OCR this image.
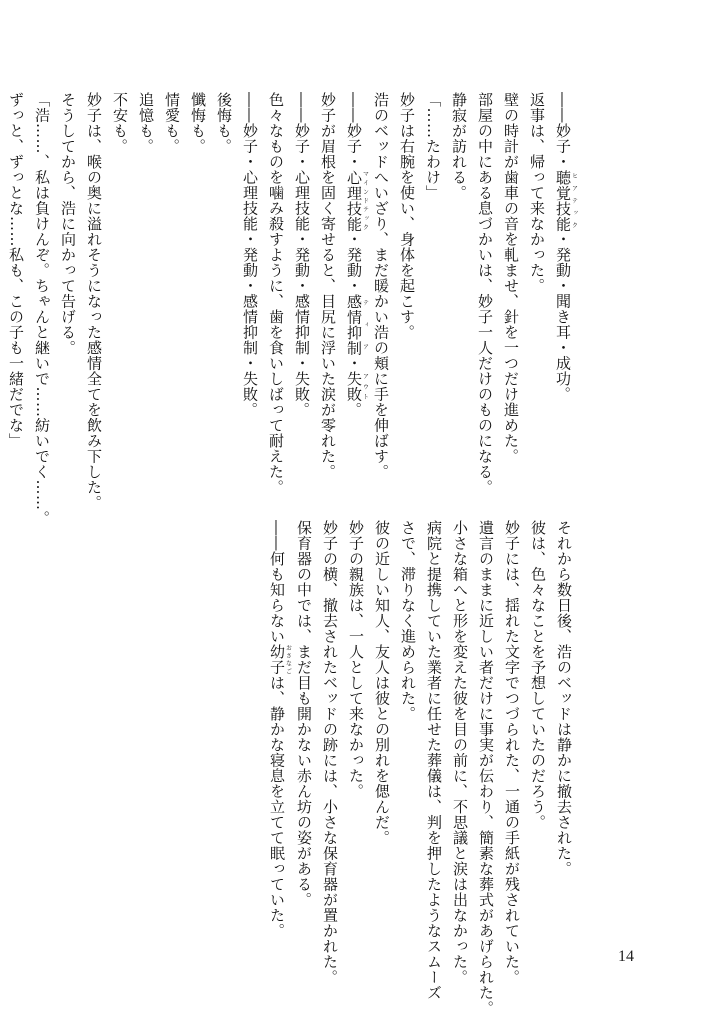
――妙子・聴覚技能ヒアテック・発動・聞き耳・成功。
返事は、帰って来なかった。
壁の時計が歯車の音を軋ませ、針を一つだけ進めた。
部屋の中にある息づかいは、妙子一人だけのものになる。
静寂が訪れる。
「……たわけ」
妙子は右腕を使い、身体を起こす。
浩のベッドへいざり、まだ暖かい浩の頬に手を伸ばす。
――妙子・心理技能マインドテック・発動・感情抑制ティア・失敗アウト。
妙子が眉根を固く寄せると、目尻に浮いた涙が零れた。
――妙子・心理技能・発動・感情抑制・失敗。
色々なものを噛み殺すように、歯を食いしばって耐えた。
――妙子・心理技能・発動・感情抑制・失敗。
後悔も。
懺悔も。
情愛も。
追憶も。
不安も。
妙子は、喉の奥に溢れそうになった感情全てを飲み下した。
そうしてから、浩に向かって告げる。
「浩……、私は負けんぞ。ちゃんと継いで……紡いでく……。
ずっと、ずっとな……私も、この子も一緒だでな」
それから数日後、浩のベッドは静かに撤去された。
彼は、色々なことを予想していたのだろう。
妙子には、揺れた文字でつづられた、一通の手紙が残されていた。
遺言のままに近しい者だけに事実が伝わり、簡素な葬式があげられた。
小さな箱へと形を変えた彼を目の前に、不思議と涙は出なかった。
病院と提携していた業者に任せた葬儀は、判を押したようなスムーズ
さで、滞りなく進められた。
彼の近しい知人、友人は彼との別れを偲んだ。
妙子の親族は、一人として来なかった。
妙子の横、撤去されたベッドの跡には、小さな保育器が置かれた。
保育器の中では、まだ目も開かない赤ん坊の姿がある。
――何も知らない幼子おさなごは、静かな寝息を立てて眠っていた。
14
